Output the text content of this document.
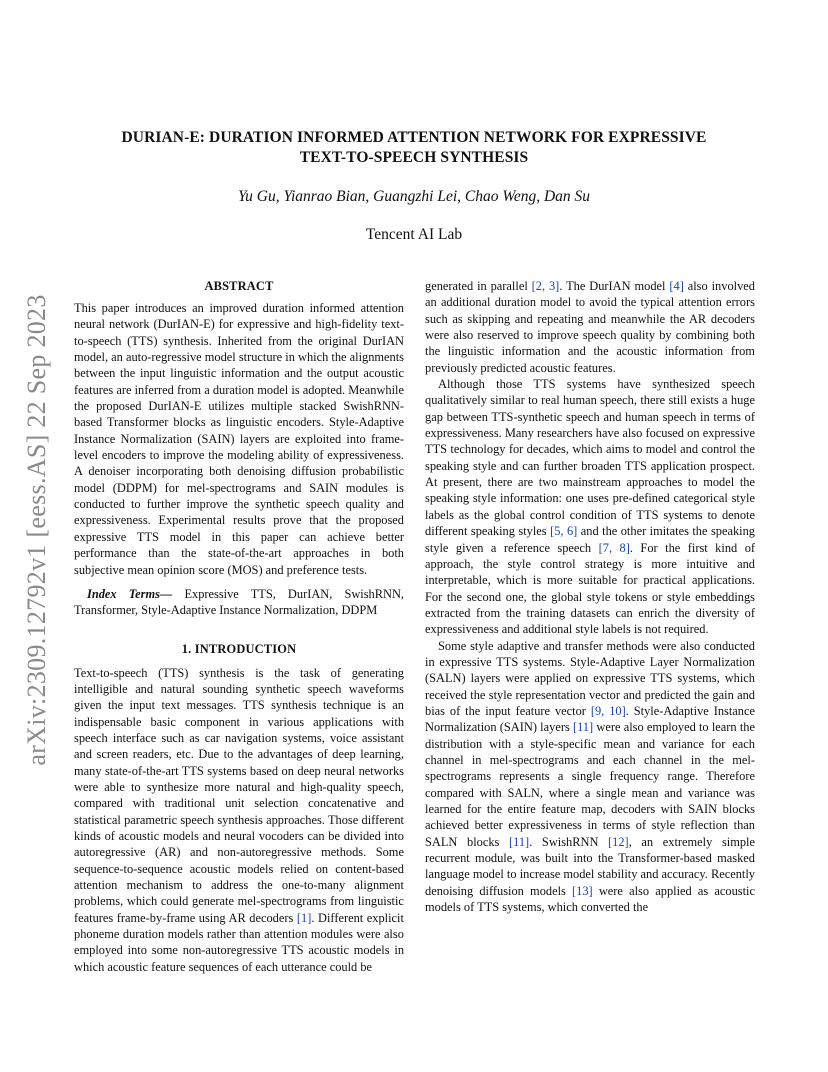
arXiv:2309.12792v1 [eess.AS] 22 Sep 2023
DURIAN-E: DURATION INFORMED ATTENTION NETWORK FOR EXPRESSIVE
TEXT-TO-SPEECH SYNTHESIS
Yu Gu, Yianrao Bian, Guangzhi Lei, Chao Weng, Dan Su
Tencent AI Lab
ABSTRACT

This paper introduces an improved duration informed attention neural network (DurIAN-E) for expressive and high-fidelity text-to-speech (TTS) synthesis. Inherited from the original DurIAN model, an auto-regressive model structure in which the alignments between the input linguistic information and the output acoustic features are inferred from a duration model is adopted. Meanwhile the proposed DurIAN-E utilizes multiple stacked SwishRNN-based Transformer blocks as linguistic encoders. Style-Adaptive Instance Normalization (SAIN) layers are exploited into frame-level encoders to improve the modeling ability of expressiveness. A denoiser incorporating both denoising diffusion probabilistic model (DDPM) for mel-spectrograms and SAIN modules is conducted to further improve the synthetic speech quality and expressiveness. Experimental results prove that the proposed expressive TTS model in this paper can achieve better performance than the state-of-the-art approaches in both subjective mean opinion score (MOS) and preference tests.

Index Terms— Expressive TTS, DurIAN, SwishRNN, Transformer, Style-Adaptive Instance Normalization, DDPM

1. INTRODUCTION

Text-to-speech (TTS) synthesis is the task of generating intelligible and natural sounding synthetic speech waveforms given the input text messages. TTS synthesis technique is an indispensable basic component in various applications with speech interface such as car navigation systems, voice assistant and screen readers, etc. Due to the advantages of deep learning, many state-of-the-art TTS systems based on deep neural networks were able to synthesize more natural and high-quality speech, compared with traditional unit selection concatenative and statistical parametric speech synthesis approaches. Those different kinds of acoustic models and neural vocoders can be divided into autoregressive (AR) and non-autoregressive methods. Some sequence-to-sequence acoustic models relied on content-based attention mechanism to address the one-to-many alignment problems, which could generate mel-spectrograms from linguistic features frame-by-frame using AR decoders [1]. Different explicit phoneme duration models rather than attention modules were also employed into some non-autoregressive TTS acoustic models in which acoustic feature sequences of each utterance could be

generated in parallel [2, 3]. The DurIAN model [4] also involved an additional duration model to avoid the typical attention errors such as skipping and repeating and meanwhile the AR decoders were also reserved to improve speech quality by combining both the linguistic information and the acoustic information from previously predicted acoustic features.

Although those TTS systems have synthesized speech qualitatively similar to real human speech, there still exists a huge gap between TTS-synthetic speech and human speech in terms of expressiveness. Many researchers have also focused on expressive TTS technology for decades, which aims to model and control the speaking style and can further broaden TTS application prospect. At present, there are two mainstream approaches to model the speaking style information: one uses pre-defined categorical style labels as the global control condition of TTS systems to denote different speaking styles [5, 6] and the other imitates the speaking style given a reference speech [7, 8]. For the first kind of approach, the style control strategy is more intuitive and interpretable, which is more suitable for practical applications. For the second one, the global style tokens or style embeddings extracted from the training datasets can enrich the diversity of expressiveness and additional style labels is not required.

Some style adaptive and transfer methods were also conducted in expressive TTS systems. Style-Adaptive Layer Normalization (SALN) layers were applied on expressive TTS systems, which received the style representation vector and predicted the gain and bias of the input feature vector [9, 10]. Style-Adaptive Instance Normalization (SAIN) layers [11] were also employed to learn the distribution with a style-specific mean and variance for each channel in mel-spectrograms and each channel in the mel-spectrograms represents a single frequency range. Therefore compared with SALN, where a single mean and variance was learned for the entire feature map, decoders with SAIN blocks achieved better expressiveness in terms of style reflection than SALN blocks [11]. SwishRNN [12], an extremely simple recurrent module, was built into the Transformer-based masked language model to increase model stability and accuracy. Recently denoising diffusion models [13] were also applied as acoustic models of TTS systems, which converted the
